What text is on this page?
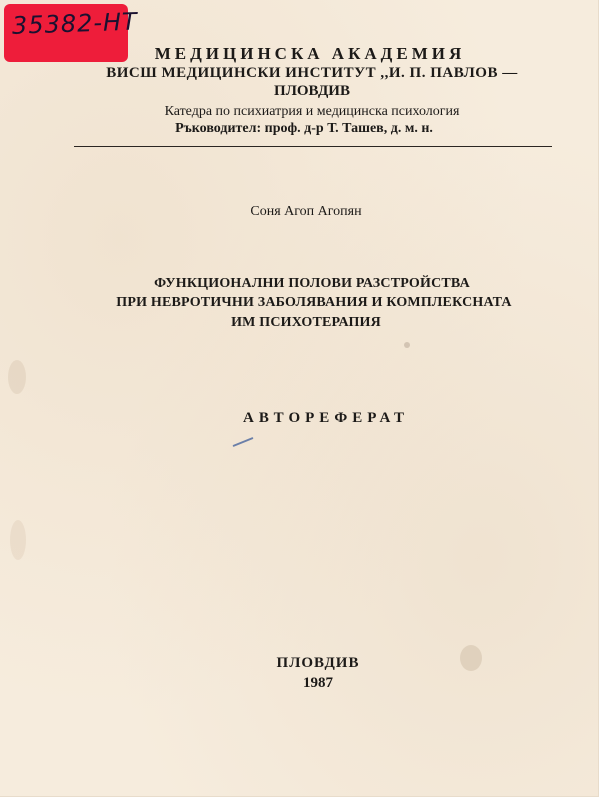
35382-НТ
МЕДИЦИНСКА АКАДЕМИЯ
ВИСШ МЕДИЦИНСКИ ИНСТИТУТ ,,И. П. ПАВЛОВ —
ПЛОВДИВ
Катедра по психиатрия и медицинска психология
Ръководител: проф. д-р Т. Ташев, д. м. н.
Соня Агоп Агопян
ФУНКЦИОНАЛНИ ПОЛОВИ РАЗСТРОЙСТВА
ПРИ НЕВРОТИЧНИ ЗАБОЛЯВАНИЯ И КОМПЛЕКСНАТА
ИМ ПСИХОТЕРАПИЯ
АВТОРЕФЕРАТ
ПЛОВДИВ
1987
